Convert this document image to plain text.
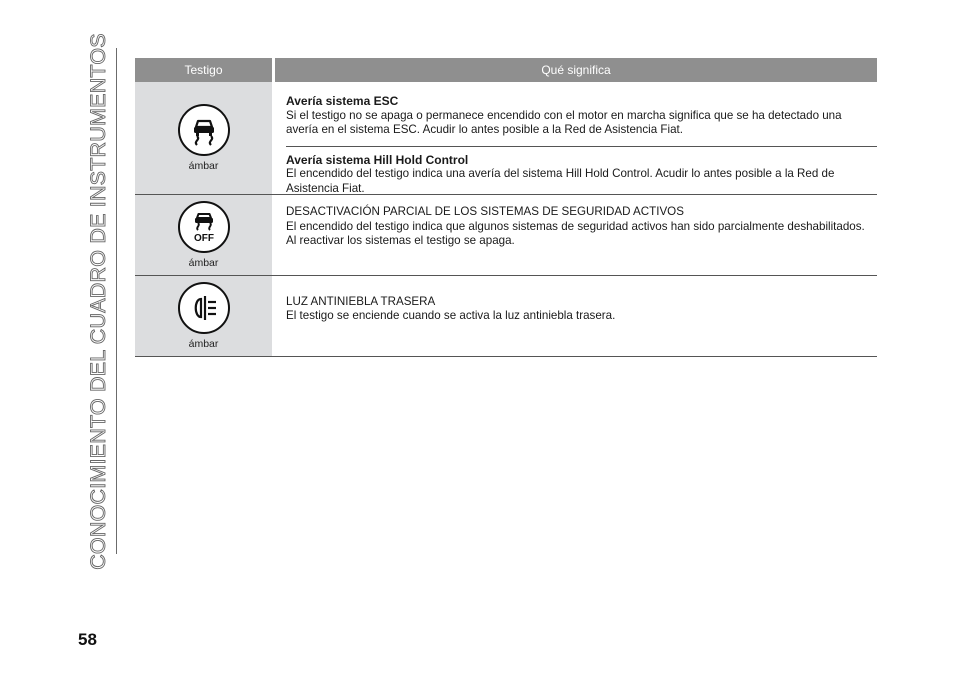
CONOCIMIENTO DEL CUADRO DE INSTRUMENTOS	Testigo	Qué significa
ámbar
Avería sistema ESC
Si el testigo no se apaga o permanece encendido con el motor en marcha significa que se ha detectado una avería en el sistema ESC. Acudir lo antes posible a la Red de Asistencia Fiat.
Avería sistema Hill Hold Control
El encendido del testigo indica una avería del sistema Hill Hold Control. Acudir lo antes posible a la Red de Asistencia Fiat.
OFF
ámbar
DESACTIVACIÓN PARCIAL DE LOS SISTEMAS DE SEGURIDAD ACTIVOS
El encendido del testigo indica que algunos sistemas de seguridad activos han sido parcialmente deshabilitados. Al reactivar los sistemas el testigo se apaga.
ámbar
LUZ ANTINIEBLA TRASERA
El testigo se enciende cuando se activa la luz antiniebla trasera.
58
